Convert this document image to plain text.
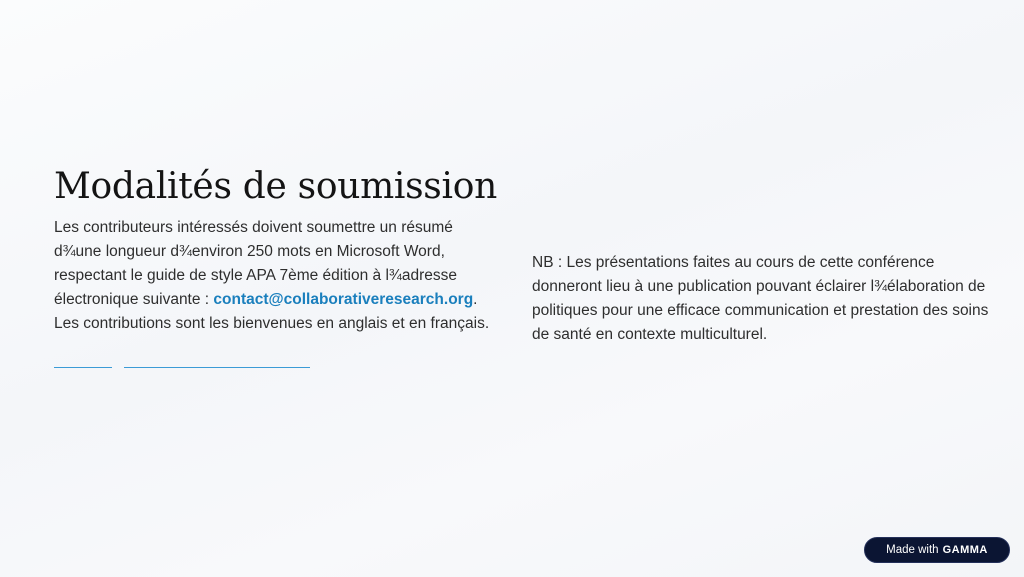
Modalités de soumission

Les contributeurs intéressés doivent soumettre un résumé d¾une longueur d¾environ 250 mots en Microsoft Word, respectant le guide de style APA 7ème édition à l¾adresse électronique suivante : contact@collaborativeresearch.org. Les contributions sont les bienvenues en anglais et en français.

NB : Les présentations faites au cours de cette conférence donneront lieu à une publication pouvant éclairer l¾élaboration de politiques pour une efficace communication et prestation des soins de santé en contexte multiculturel.

Made with GAMMA
